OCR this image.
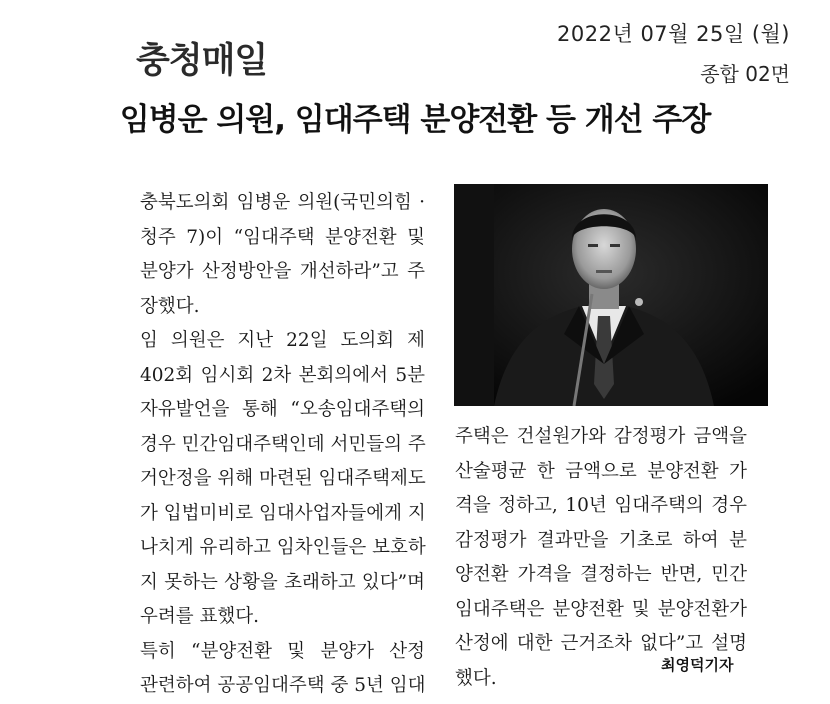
2022년 07월 25일 (월)
종합 02면
충청매일
임병운 의원, 임대주택 분양전환 등 개선 주장
충북도의회 임병운 의원(국민의힘 ·
청주 7)이 “임대주택 분양전환 및
분양가 산정방안을 개선하라”고 주
장했다.
임 의원은 지난 22일 도의회 제
402회 임시회 2차 본회의에서 5분
자유발언을 통해 “오송임대주택의
경우 민간임대주택인데 서민들의 주
거안정을 위해 마련된 임대주택제도
가 입법미비로 임대사업자들에게 지
나치게 유리하고 임차인들은 보호하
지 못하는 상황을 초래하고 있다”며
우려를 표했다.
특히 “분양전환 및 분양가 산정
관련하여 공공임대주택 중 5년 임대
주택은 건설원가와 감정평가 금액을
산술평균 한 금액으로 분양전환 가
격을 정하고, 10년 임대주택의 경우
감정평가 결과만을 기초로 하여 분
양전환 가격을 결정하는 반면, 민간
임대주택은 분양전환 및 분양전환가
산정에 대한 근거조차 없다”고 설명
했다.
최영덕기자
